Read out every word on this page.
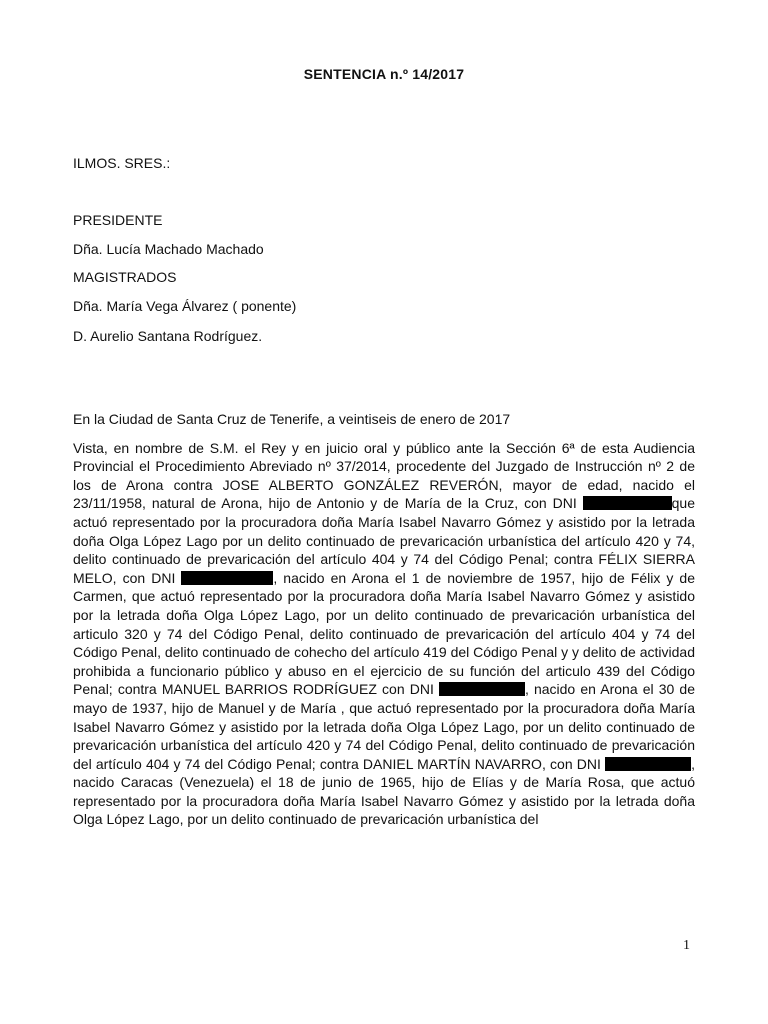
SENTENCIA n.º 14/2017
ILMOS. SRES.:
PRESIDENTE
Dña. Lucía Machado Machado
MAGISTRADOS
Dña. María Vega Álvarez ( ponente)
D. Aurelio Santana Rodríguez.

En la Ciudad de Santa Cruz de Tenerife, a veintiseis de enero de 2017

Vista, en nombre de S.M. el Rey y en juicio oral y público ante la Sección 6ª de esta Audiencia Provincial el Procedimiento Abreviado nº 37/2014, procedente del Juzgado de Instrucción nº 2 de los de Arona contra JOSE ALBERTO GONZÁLEZ REVERÓN, mayor de edad, nacido el 23/11/1958, natural de Arona, hijo de Antonio y de María de la Cruz, con DNI	que actuó representado por la procuradora doña María Isabel Navarro Gómez y asistido por la letrada doña Olga López Lago por un delito continuado de prevaricación urbanística del artículo 420 y 74, delito continuado de prevaricación del artículo 404 y 74 del Código Penal; contra FÉLIX SIERRA MELO, con DNI	, nacido en Arona el 1 de noviembre de 1957, hijo de Félix y de Carmen, que actuó representado por la procuradora doña María Isabel Navarro Gómez y asistido por la letrada doña Olga López Lago, por un delito continuado de prevaricación urbanística del articulo 320 y 74 del Código Penal, delito continuado de prevaricación del artículo 404 y 74 del Código Penal, delito continuado de cohecho del artículo 419 del Código Penal y y delito de actividad prohibida a funcionario público y abuso en el ejercicio de su función del articulo 439 del Código Penal; contra MANUEL BARRIOS RODRÍGUEZ con DNI	, nacido en Arona el 30 de mayo de 1937, hijo de Manuel y de María , que actuó representado por la procuradora doña María Isabel Navarro Gómez y asistido por la letrada doña Olga López Lago, por un delito continuado de prevaricación urbanística del artículo 420 y 74 del Código Penal, delito continuado de prevaricación del artículo 404 y 74 del Código Penal; contra DANIEL MARTÍN NAVARRO, con DNI	, nacido Caracas (Venezuela) el 18 de junio de 1965, hijo de Elías y de María Rosa, que actuó representado por la procuradora doña María Isabel Navarro Gómez y asistido por la letrada doña Olga López Lago, por un delito continuado de prevaricación urbanística del

1
